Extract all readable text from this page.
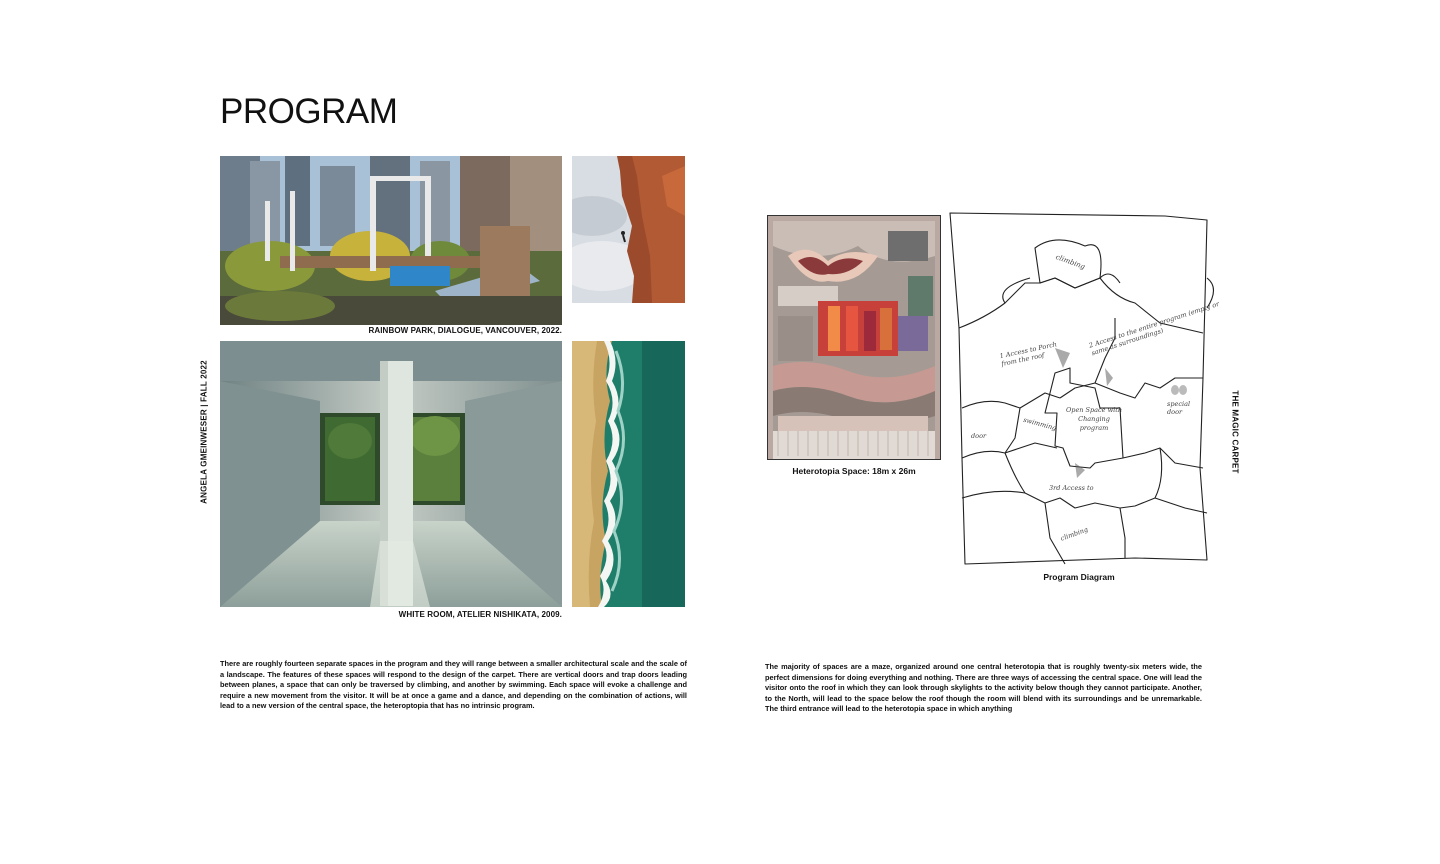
PROGRAM
ANGELA GMEINWESER | FALL 2022	THE MAGIC CARPET
RAINBOW PARK, DIALOGUE, VANCOUVER, 2022.
WHITE ROOM, ATELIER NISHIKATA, 2009.
Heterotopia Space: 18m x 26m
climbing
1 Access to Porch from the roof
2 Access to the entire program (empty or same as surroundings)
Open Space with Changing program
special door
swimming
door
3rd Access to
climbing
Program Diagram
There are roughly fourteen separate spaces in the program and they will range between a smaller architectural scale and the scale of a landscape. The features of these spaces will respond to the design of the carpet. There are vertical doors and trap doors leading between planes, a space that can only be traversed by climbing, and another by swimming. Each space will evoke a challenge and require a new movement from the visitor. It will be at once a game and a dance, and depending on the combination of actions, will lead to a new version of the central space, the heteroptopia that has no intrinsic program.
The majority of spaces are a maze, organized around one central heterotopia that is roughly twenty-six meters wide, the perfect dimensions for doing everything and nothing. There are three ways of accessing the central space. One will lead the visitor onto the roof in which they can look through skylights to the activity below though they cannot participate. Another, to the North, will lead to the space below the roof though the room will blend with its surroundings and be unremarkable. The third entrance will lead to the heterotopia space in which anything
